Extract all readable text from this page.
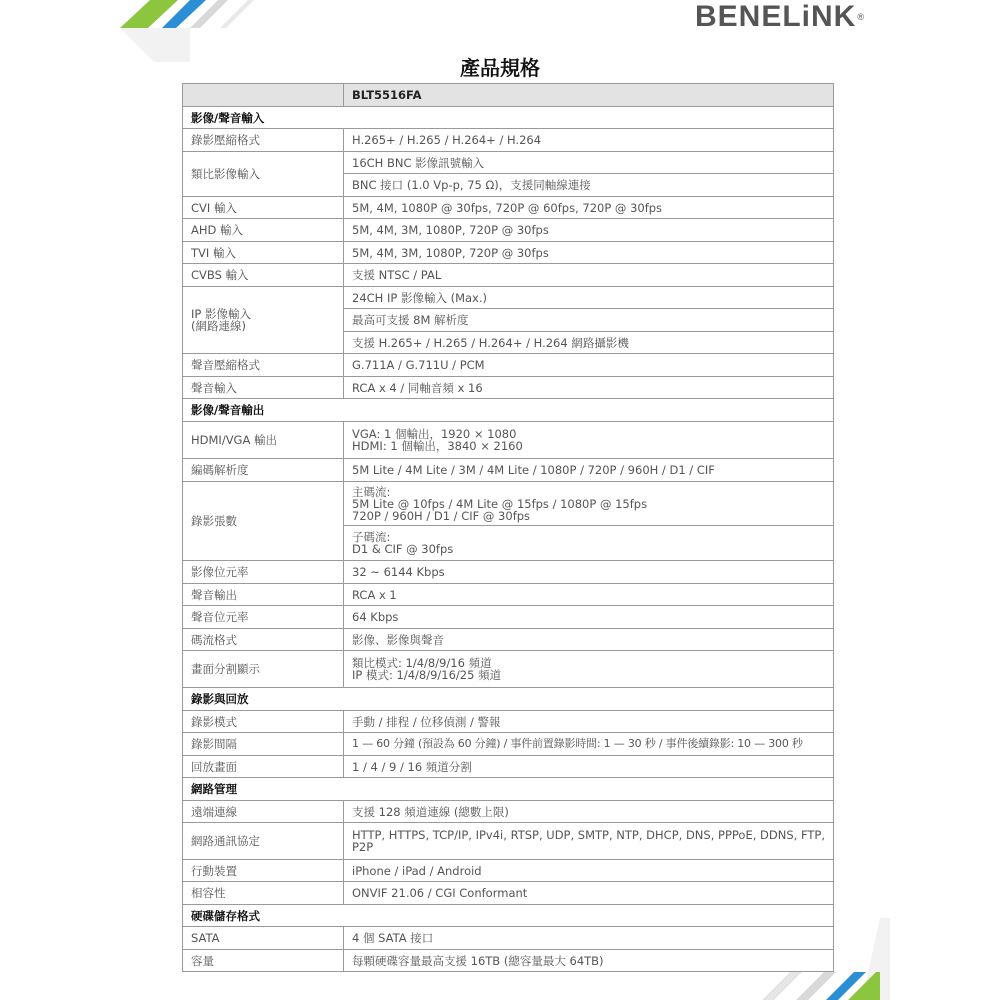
BENELiNK®
產品規格
	BLT5516FA
影像/聲音輸入	
錄影壓縮格式	H.265+ / H.265 / H.264+ / H.264
類比影像輸入	16CH BNC 影像訊號輸入
	BNC 接口 (1.0 Vp-p, 75 Ω)，支援同軸線連接
CVI 輸入	5M, 4M, 1080P @ 30fps, 720P @ 60fps, 720P @ 30fps
AHD 輸入	5M, 4M, 3M, 1080P, 720P @ 30fps
TVI 輸入	5M, 4M, 3M, 1080P, 720P @ 30fps
CVBS 輸入	支援 NTSC / PAL
IP 影像輸入
(網路連線)	24CH IP 影像輸入 (Max.)
	最高可支援 8M 解析度
	支援 H.265+ / H.265 / H.264+ / H.264 網路攝影機
聲音壓縮格式	G.711A / G.711U / PCM
聲音輸入	RCA x 4 / 同軸音頻 x 16
影像/聲音輸出	
HDMI/VGA 輸出	VGA: 1 個輸出，1920 × 1080
HDMI: 1 個輸出，3840 × 2160
編碼解析度	5M Lite / 4M Lite / 3M / 4M Lite / 1080P / 720P / 960H / D1 / CIF
錄影張數	主碼流:
5M Lite @ 10fps / 4M Lite @ 15fps / 1080P @ 15fps
720P / 960H / D1 / CIF @ 30fps
	子碼流:
D1 & CIF @ 30fps
影像位元率	32 ~ 6144 Kbps
聲音輸出	RCA x 1
聲音位元率	64 Kbps
碼流格式	影像、影像與聲音
畫面分割顯示	類比模式: 1/4/8/9/16 頻道
IP 模式: 1/4/8/9/16/25 頻道
錄影與回放	
錄影模式	手動 / 排程 / 位移偵測 / 警報
錄影間隔	1 — 60 分鐘 (預設為 60 分鐘) / 事件前置錄影時間: 1 — 30 秒 / 事件後續錄影: 10 — 300 秒
回放畫面	1 / 4 / 9 / 16 頻道分割
網路管理	
遠端連線	支援 128 頻道連線 (總數上限)
網路通訊協定	HTTP, HTTPS, TCP/IP, IPv4i, RTSP, UDP, SMTP, NTP, DHCP, DNS, PPPoE, DDNS, FTP, P2P
行動裝置	iPhone / iPad / Android
相容性	ONVIF 21.06 / CGI Conformant
硬碟儲存格式	
SATA	4 個 SATA 接口
容量	每顆硬碟容量最高支援 16TB (總容量最大 64TB)
